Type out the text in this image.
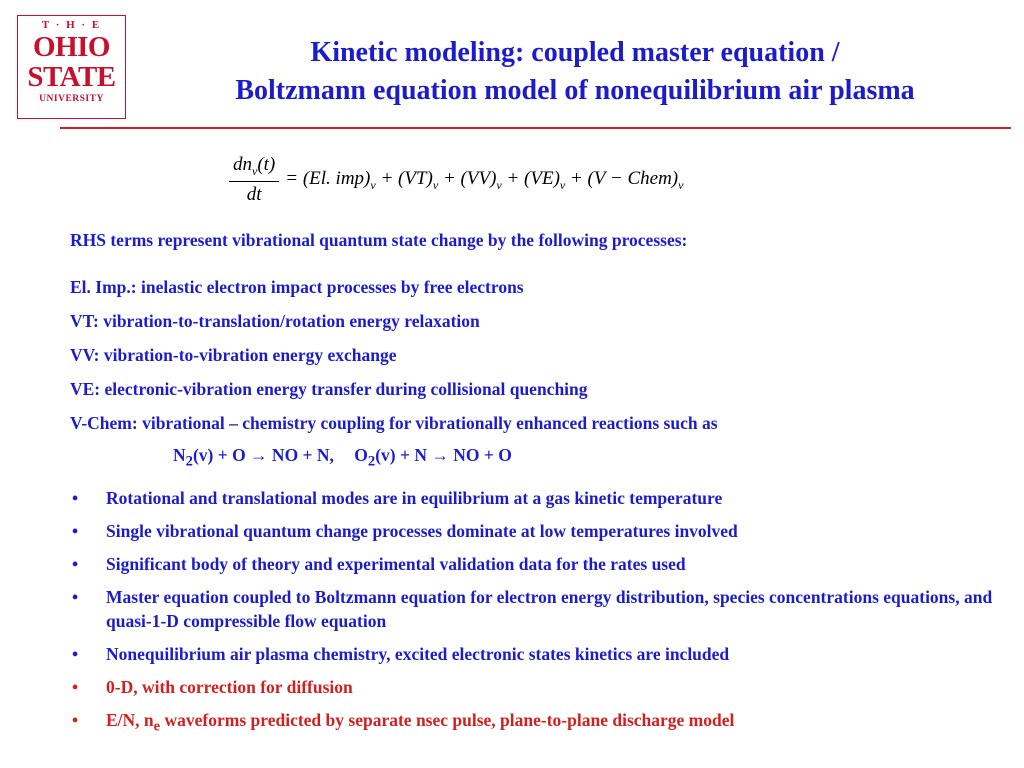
T · H · E
OHIO
STATE
UNIVERSITY
Kinetic modeling: coupled master equation /
Boltzmann equation model of nonequilibrium air plasma
$\frac{dn_v(t)}{dt} = (El$. $imp)_v$
+ $(VT)_v$
+ $(VV)_v$
+ $(VE)_v$
+ $(V - Chem)_v$

RHS terms represent vibrational quantum state change by the following processes:

El. Imp.: inelastic electron impact processes by free electrons

VT: vibration-to-translation/rotation energy relaxation

VV: vibration-to-vibration energy exchange

VE: electronic-vibration energy transfer during collisional quenching

V-Chem: vibrational – chemistry coupling for vibrationally enhanced reactions such as

$N_2(v) + O$ → NO + N, $O_2(v) + N$ → NO + O

• Rotational and translational modes are in equilibrium at a gas kinetic temperature
• Single vibrational quantum change processes dominate at low temperatures involved
• Significant body of theory and experimental validation data for the rates used
• Master equation coupled to Boltzmann equation for electron energy distribution, species concentrations equations, and quasi-1-D compressible flow equation
• Nonequilibrium air plasma chemistry, excited electronic states kinetics are included
• 0-D, with correction for diffusion
• E/N, $n_e$ waveforms predicted by separate nsec pulse, plane-to-plane discharge model
